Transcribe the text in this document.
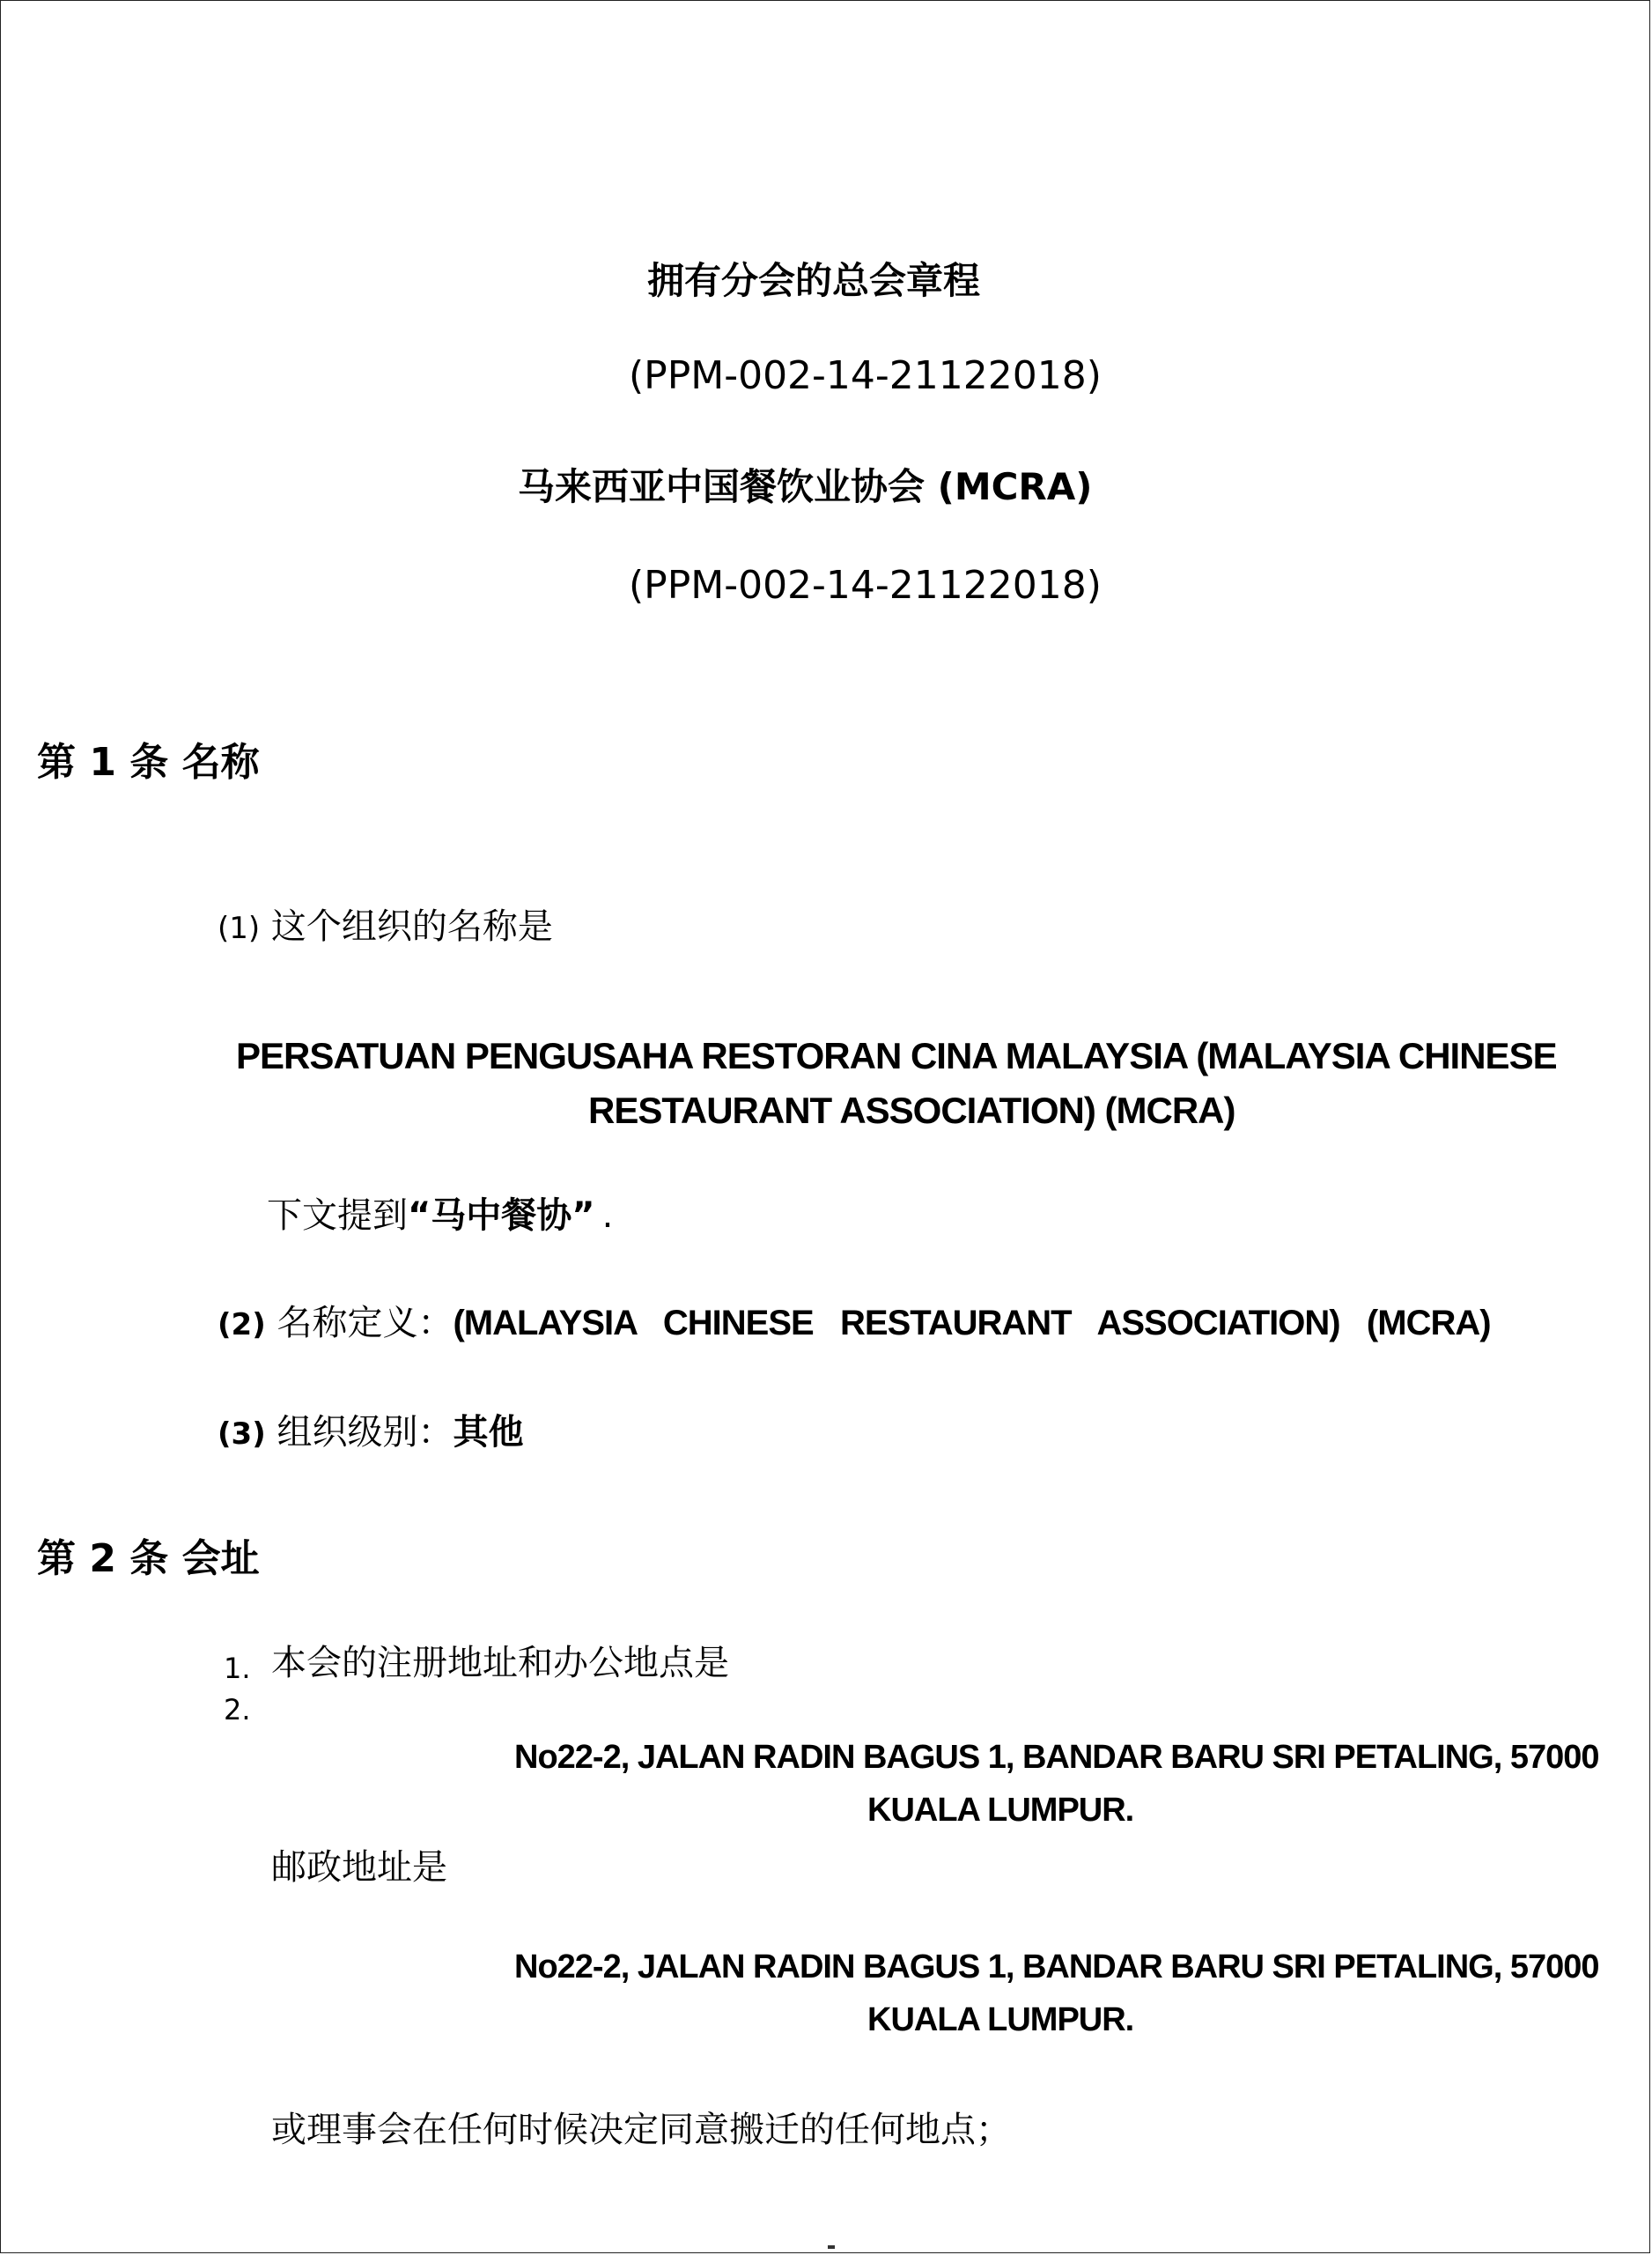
拥有分会的总会章程
(PPM-002-14-21122018)
马来西亚中国餐饮业协会 (MCRA)
(PPM-002-14-21122018)
第 1 条 名称
(1) 这个组织的名称是
PERSATUAN PENGUSAHA RESTORAN CINA MALAYSIA (MALAYSIA CHINESE
RESTAURANT ASSOCIATION) (MCRA)
下文提到“马中餐协” .
(2) 名称定义：(MALAYSIA   CHINESE   RESTAURANT   ASSOCIATION)   (MCRA)
(3) 组织级别：其他
第 2 条 会址
1. 本会的注册地址和办公地点是
2.
No22-2, JALAN RADIN BAGUS 1, BANDAR BARU SRI PETALING, 57000
KUALA LUMPUR.
邮政地址是
No22-2, JALAN RADIN BAGUS 1, BANDAR BARU SRI PETALING, 57000
KUALA LUMPUR.
或理事会在任何时候决定同意搬迁的任何地点；
